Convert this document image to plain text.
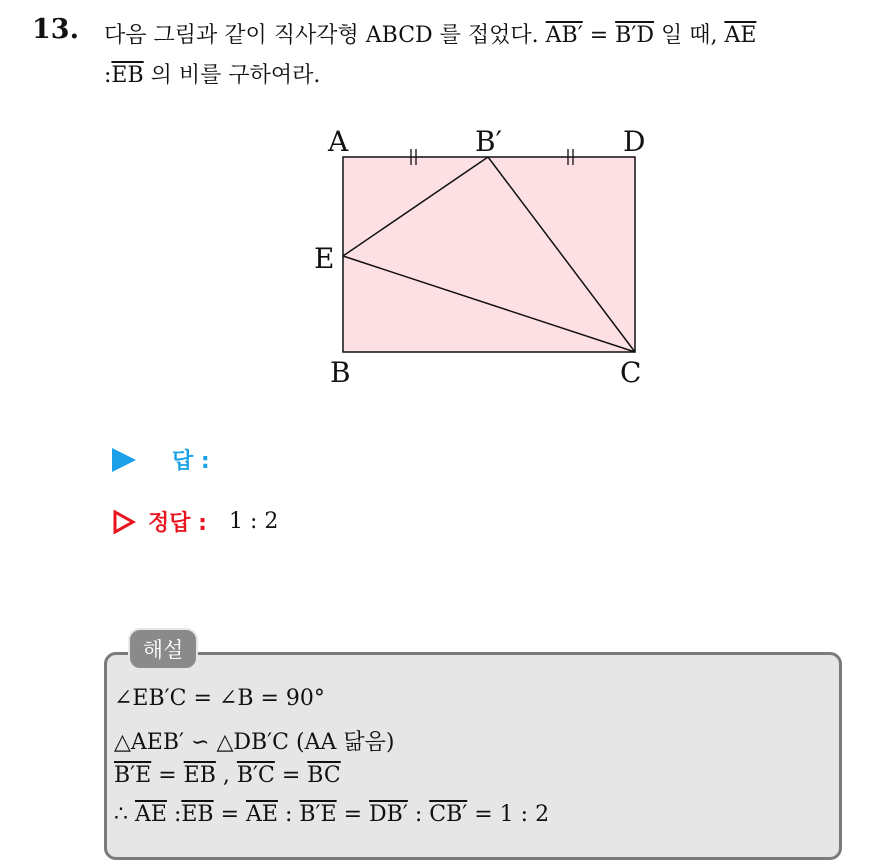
13. 다음 그림과 같이 직사각형 ABCD 를 접었다. AB′ = B′D 일 때, $\overline{AE}$
$:\overline{EB}$ 의 비를 구하여라.
A	B′	D
E
B	C
답 :
정답 : 1 : 2
해설
∠EB′C = ∠B = 90°
△AEB′ ∽ △DB′C (AA 닮음)
$B'E = \overline{EB}$ , $B'C = \overline{BC}$
∴ $\overline{AE}$ $:\overline{EB} = \overline{AE}$ : B′E = DB′ : CB′ = 1 : 2
